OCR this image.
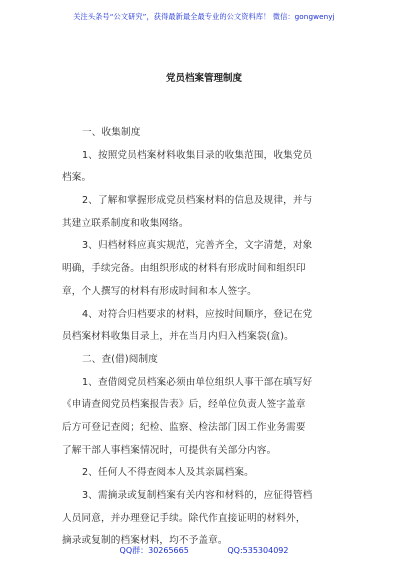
关注头条号“公文研究”，获得最新最全最专业的公文资料库！ 微信：gongwenyj
党员档案管理制度
一、收集制度
1、按照党员档案材料收集目录的收集范围，收集党员
档案。
2、了解和掌握形成党员档案材料的信息及规律，并与
其建立联系制度和收集网络。
3、归档材料应真实规范，完善齐全，文字清楚，对象
明确，手续完备。由组织形成的材料有形成时间和组织印
章，个人撰写的材料有形成时间和本人签字。
4、对符合归档要求的材料，应按时间顺序，登记在党
员档案材料收集目录上，并在当月内归入档案袋(盒)。
二、查(借)阅制度
1、查借阅党员档案必须由单位组织人事干部在填写好
《申请查阅党员档案报告表》后，经单位负责人签字盖章
后方可登记查阅；纪检、监察、检法部门因工作业务需要
了解干部人事档案情况时，可提供有关部分内容。
2、任何人不得查阅本人及其亲属档案。
3、需摘录或复制档案有关内容和材料的，应征得管档
人员同意，并办理登记手续。除代作直接证明的材料外，
摘录或复制的档案材料，均不予盖章。
QQ群：30265665	QQ:535304092
